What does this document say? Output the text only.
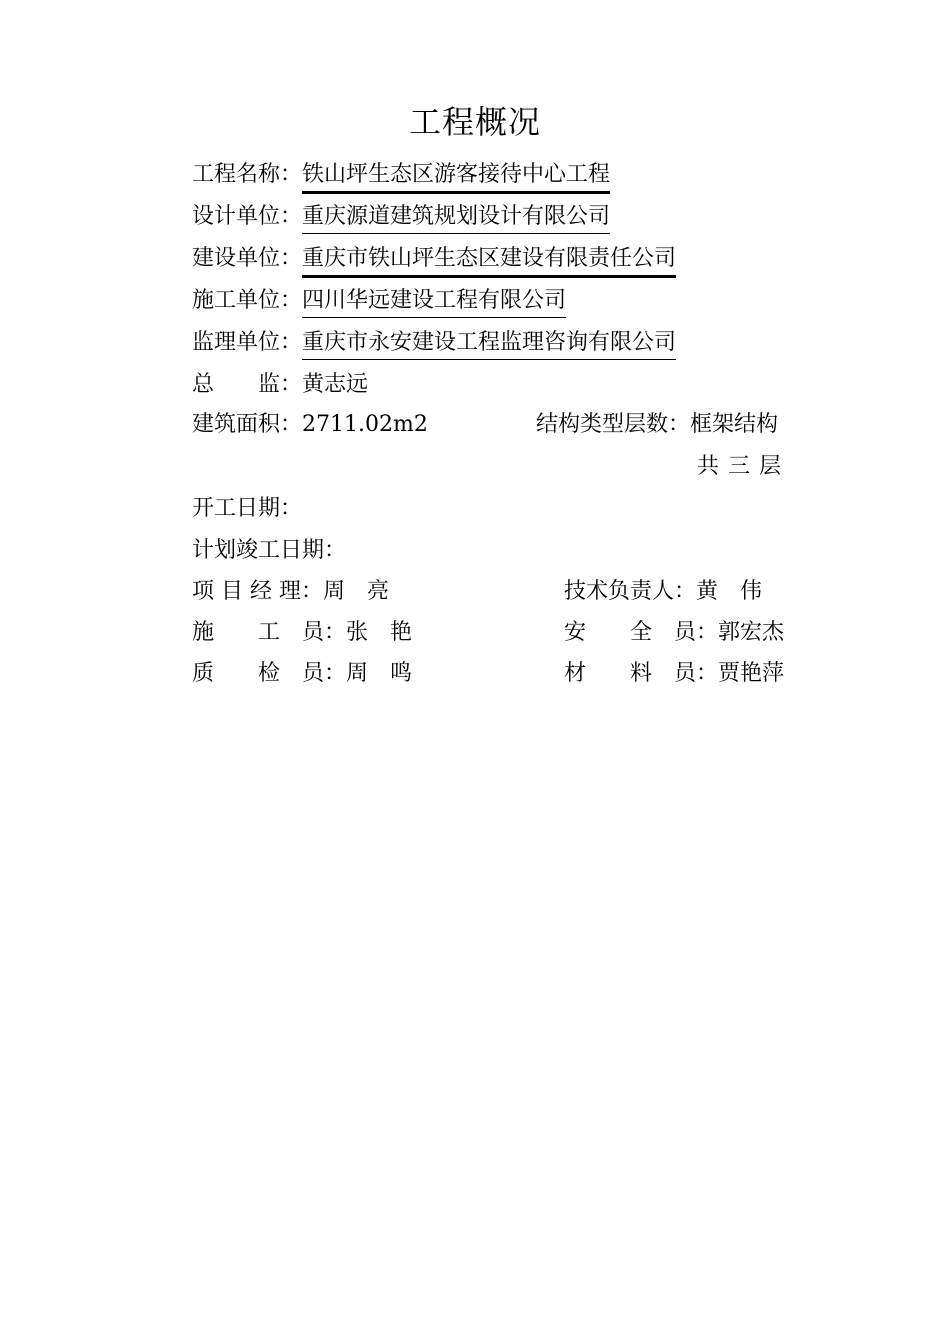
工程概况
工程名称：铁山坪生态区游客接待中心工程
设计单位：重庆源道建筑规划设计有限公司
建设单位：重庆市铁山坪生态区建设有限责任公司
施工单位：四川华远建设工程有限公司
监理单位：重庆市永安建设工程监理咨询有限公司
总　　监：黄志远
建筑面积：2711.02m2	结构类型层数：框架结构
共三层
开工日期：
计划竣工日期：
项 目 经 理：周　亮	技术负责人：黄　伟
施　　工　员：张　艳	安　　全　员：郭宏杰
质　　检　员：周　鸣	材　　料　员：贾艳萍
